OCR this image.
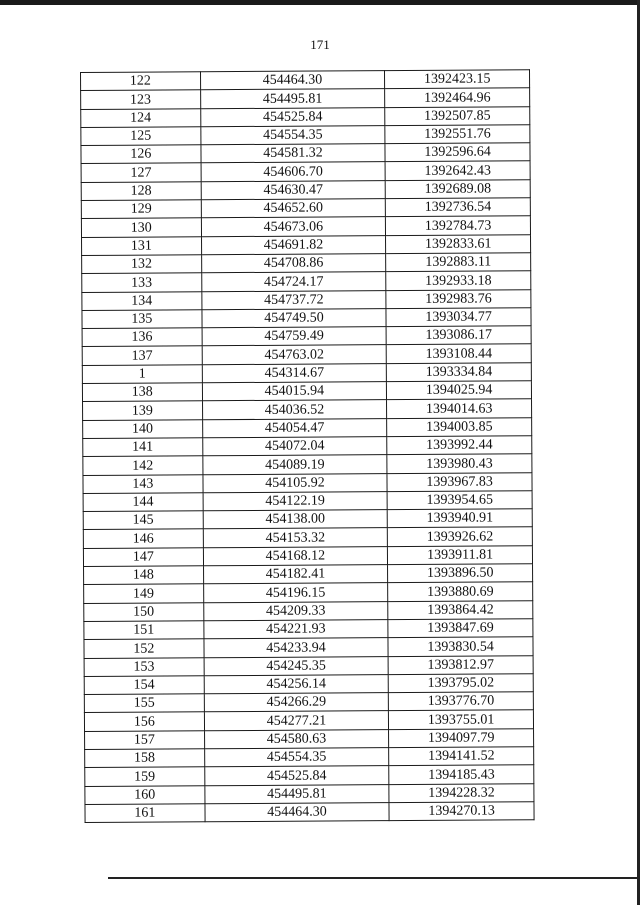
171
122	454464.30	1392423.15
123	454495.81	1392464.96
124	454525.84	1392507.85
125	454554.35	1392551.76
126	454581.32	1392596.64
127	454606.70	1392642.43
128	454630.47	1392689.08
129	454652.60	1392736.54
130	454673.06	1392784.73
131	454691.82	1392833.61
132	454708.86	1392883.11
133	454724.17	1392933.18
134	454737.72	1392983.76
135	454749.50	1393034.77
136	454759.49	1393086.17
137	454763.02	1393108.44
1	454314.67	1393334.84
138	454015.94	1394025.94
139	454036.52	1394014.63
140	454054.47	1394003.85
141	454072.04	1393992.44
142	454089.19	1393980.43
143	454105.92	1393967.83
144	454122.19	1393954.65
145	454138.00	1393940.91
146	454153.32	1393926.62
147	454168.12	1393911.81
148	454182.41	1393896.50
149	454196.15	1393880.69
150	454209.33	1393864.42
151	454221.93	1393847.69
152	454233.94	1393830.54
153	454245.35	1393812.97
154	454256.14	1393795.02
155	454266.29	1393776.70
156	454277.21	1393755.01
157	454580.63	1394097.79
158	454554.35	1394141.52
159	454525.84	1394185.43
160	454495.81	1394228.32
161	454464.30	1394270.13
